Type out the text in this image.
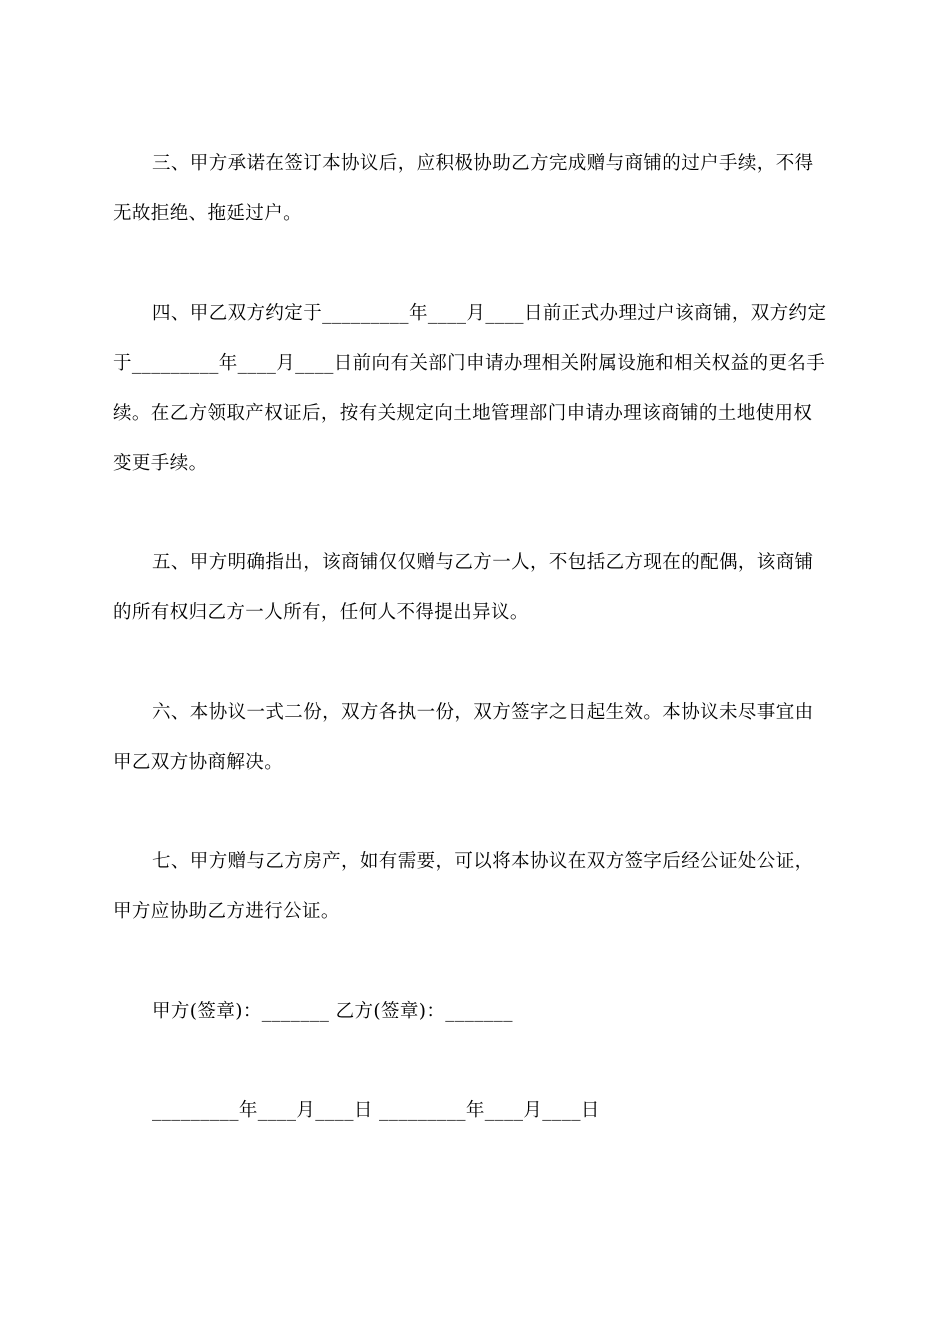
三、甲方承诺在签订本协议后，应积极协助乙方完成赠与商铺的过户手续，不得
无故拒绝、拖延过户。
四、甲乙双方约定于_________年____月____日前正式办理过户该商铺，双方约定
于_________年____月____日前向有关部门申请办理相关附属设施和相关权益的更名手
续。在乙方领取产权证后，按有关规定向土地管理部门申请办理该商铺的土地使用权
变更手续。
五、甲方明确指出，该商铺仅仅赠与乙方一人，不包括乙方现在的配偶，该商铺
的所有权归乙方一人所有，任何人不得提出异议。
六、本协议一式二份，双方各执一份，双方签字之日起生效。本协议未尽事宜由
甲乙双方协商解决。
七、甲方赠与乙方房产，如有需要，可以将本协议在双方签字后经公证处公证，
甲方应协助乙方进行公证。
甲方(签章)：_______ 乙方(签章)：_______
_________年____月____日 _________年____月____日
